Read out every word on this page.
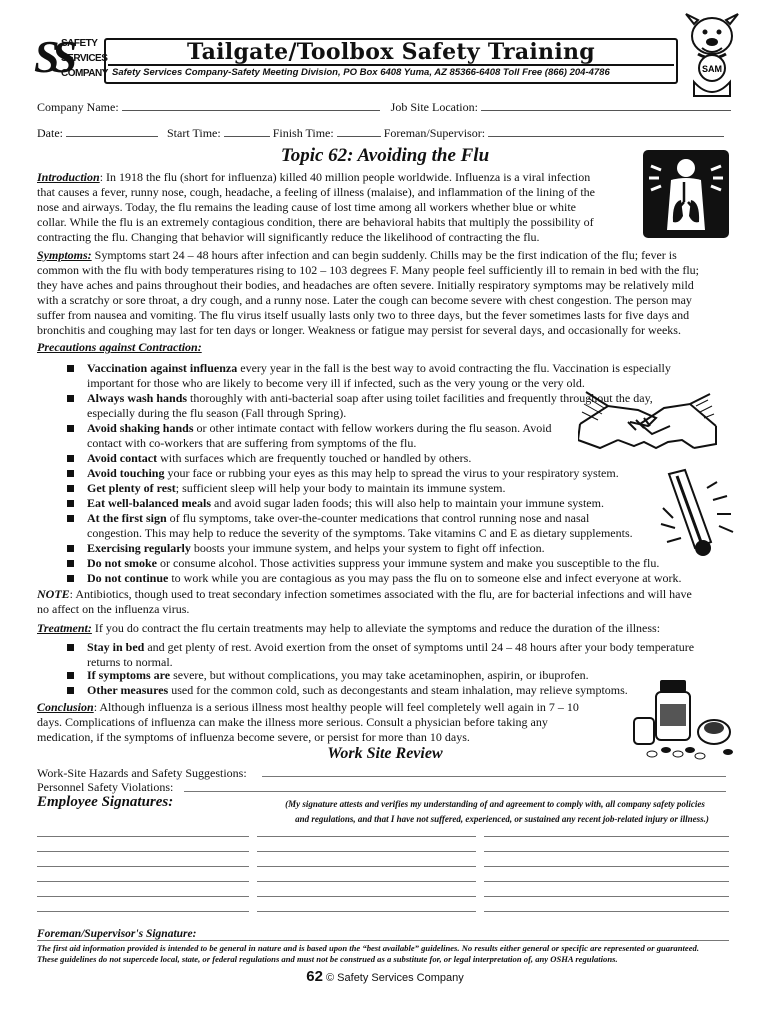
SS
SAFETY
SERVICES
COMPANY
Tailgate/Toolbox Safety Training
Safety Services Company-Safety Meeting Division, PO Box 6408 Yuma, AZ 85366-6408 Toll Free (866) 204-4786	SAM
Company Name:	Job Site Location:
Date:	Start Time:	Finish Time:	Foreman/Supervisor:
Topic 62: Avoiding the Flu
Introduction: In 1918 the flu (short for influenza) killed 40 million people worldwide. Influenza is a viral infection
that causes a fever, runny nose, cough, headache, a feeling of illness (malaise), and inflammation of the lining of the
nose and airways. Today, the flu remains the leading cause of lost time among all workers whether blue or white
collar. While the flu is an extremely contagious condition, there are behavioral habits that multiply the possibility of
contracting the flu. Changing that behavior will significantly reduce the likelihood of contracting the flu.
Symptoms: Symptoms start 24 – 48 hours after infection and can begin suddenly. Chills may be the first indication of the flu; fever is
common with the flu with body temperatures rising to 102 – 103 degrees F. Many people feel sufficiently ill to remain in bed with the flu;
they have aches and pains throughout their bodies, and headaches are often severe. Initially respiratory symptoms may be relatively mild
with a scratchy or sore throat, a dry cough, and a runny nose. Later the cough can become severe with chest congestion. The person may
suffer from nausea and vomiting. The flu virus itself usually lasts only two to three days, but the fever sometimes lasts for five days and
bronchitis and coughing may last for ten days or longer. Weakness or fatigue may persist for several days, and occasionally for weeks.
Precautions against Contraction:
Vaccination against influenza every year in the fall is the best way to avoid contracting the flu. Vaccination is especially
important for those who are likely to become very ill if infected, such as the very young or the very old.
Always wash hands thoroughly with anti-bacterial soap after using toilet facilities and frequently throughout the day,
especially during the flu season (Fall through Spring).
Avoid shaking hands or other intimate contact with fellow workers during the flu season. Avoid
contact with co-workers that are suffering from symptoms of the flu.
Avoid contact with surfaces which are frequently touched or handled by others.
Avoid touching your face or rubbing your eyes as this may help to spread the virus to your respiratory system.
Get plenty of rest; sufficient sleep will help your body to maintain its immune system.
Eat well-balanced meals and avoid sugar laden foods; this will also help to maintain your immune system.
At the first sign of flu symptoms, take over-the-counter medications that control running nose and nasal
congestion. This may help to reduce the severity of the symptoms. Take vitamins C and E as dietary supplements.
Exercising regularly boosts your immune system, and helps your system to fight off infection.
Do not smoke or consume alcohol. Those activities suppress your immune system and make you susceptible to the flu.
Do not continue to work while you are contagious as you may pass the flu on to someone else and infect everyone at work.
NOTE: Antibiotics, though used to treat secondary infection sometimes associated with the flu, are for bacterial infections and will have
no affect on the influenza virus.
Treatment: If you do contract the flu certain treatments may help to alleviate the symptoms and reduce the duration of the illness:
Stay in bed and get plenty of rest. Avoid exertion from the onset of symptoms until 24 – 48 hours after your body temperature
returns to normal.
If symptoms are severe, but without complications, you may take acetaminophen, aspirin, or ibuprofen.
Other measures used for the common cold, such as decongestants and steam inhalation, may relieve symptoms.
Conclusion: Although influenza is a serious illness most healthy people will feel completely well again in 7 – 10
days. Complications of influenza can make the illness more serious. Consult a physician before taking any
medication, if the symptoms of influenza become severe, or persist for more than 10 days.
Work Site Review
Work-Site Hazards and Safety Suggestions:
Personnel Safety Violations:
Employee Signatures:	(My signature attests and verifies my understanding of and agreement to comply with, all company safety policies
and regulations, and that I have not suffered, experienced, or sustained any recent job-related injury or illness.)
Foreman/Supervisor's Signature:
The first aid information provided is intended to be general in nature and is based upon the “best available” guidelines. No results either general or specific are represented or guaranteed.
These guidelines do not supercede local, state, or federal regulations and must not be construed as a substitute for, or legal interpretation of, any OSHA regulations.
62 © Safety Services Company
